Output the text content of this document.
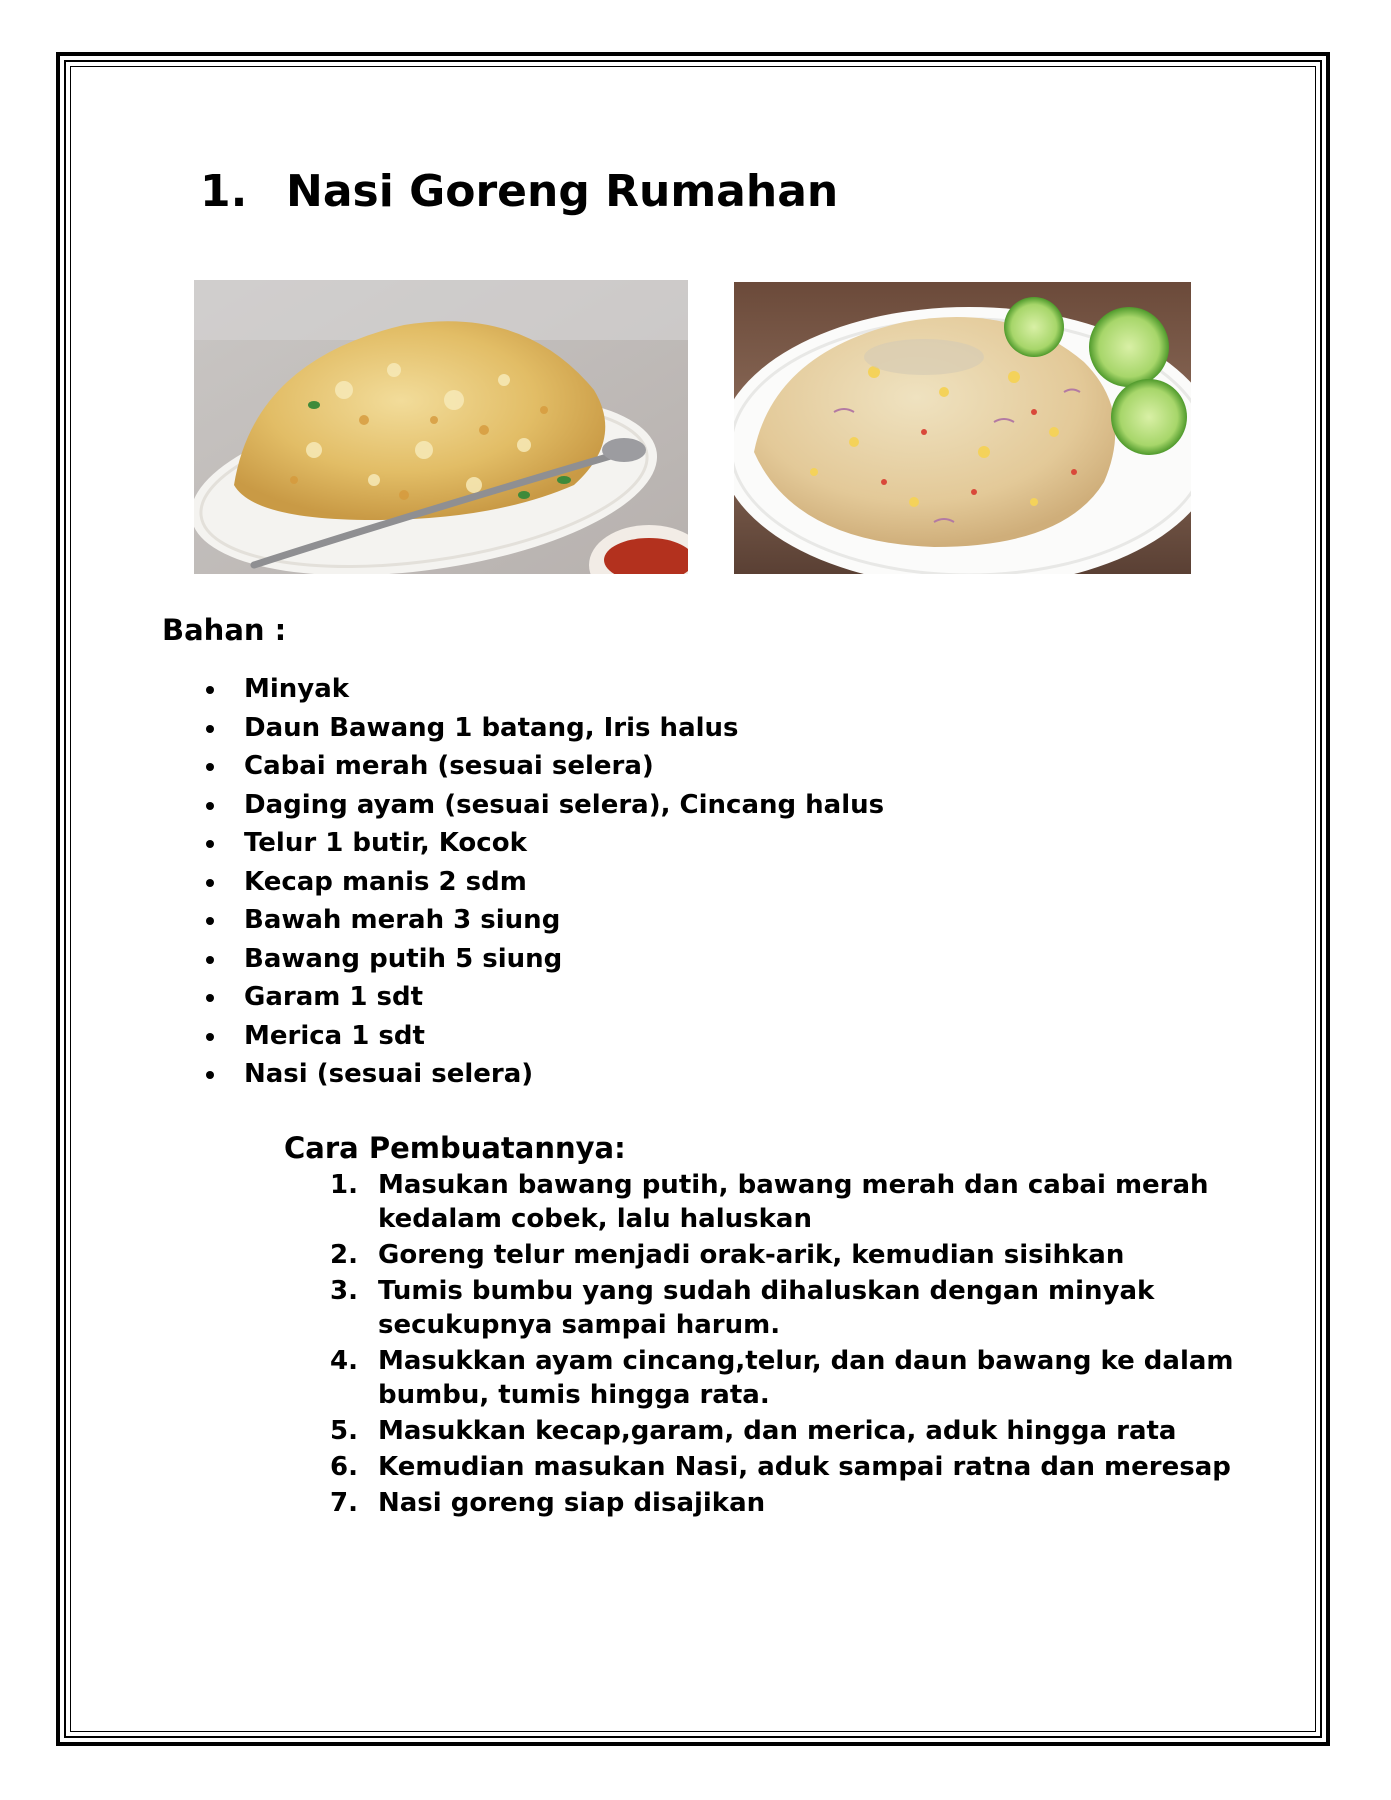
1. Nasi Goreng Rumahan
Bahan :
Minyak
Daun Bawang 1 batang, Iris halus
Cabai merah (sesuai selera)
Daging ayam (sesuai selera), Cincang halus
Telur 1 butir, Kocok
Kecap manis 2 sdm
Bawah merah 3 siung
Bawang putih 5 siung
Garam 1 sdt
Merica 1 sdt
Nasi (sesuai selera)
Cara Pembuatannya:
1. Masukan bawang putih, bawang merah dan cabai merah kedalam cobek, lalu haluskan
2. Goreng telur menjadi orak-arik, kemudian sisihkan
3. Tumis bumbu yang sudah dihaluskan dengan minyak secukupnya sampai harum.
4. Masukkan ayam cincang,telur, dan daun bawang ke dalam bumbu, tumis hingga rata.
5. Masukkan kecap,garam, dan merica, aduk hingga rata
6. Kemudian masukan Nasi, aduk sampai ratna dan meresap
7. Nasi goreng siap disajikan
